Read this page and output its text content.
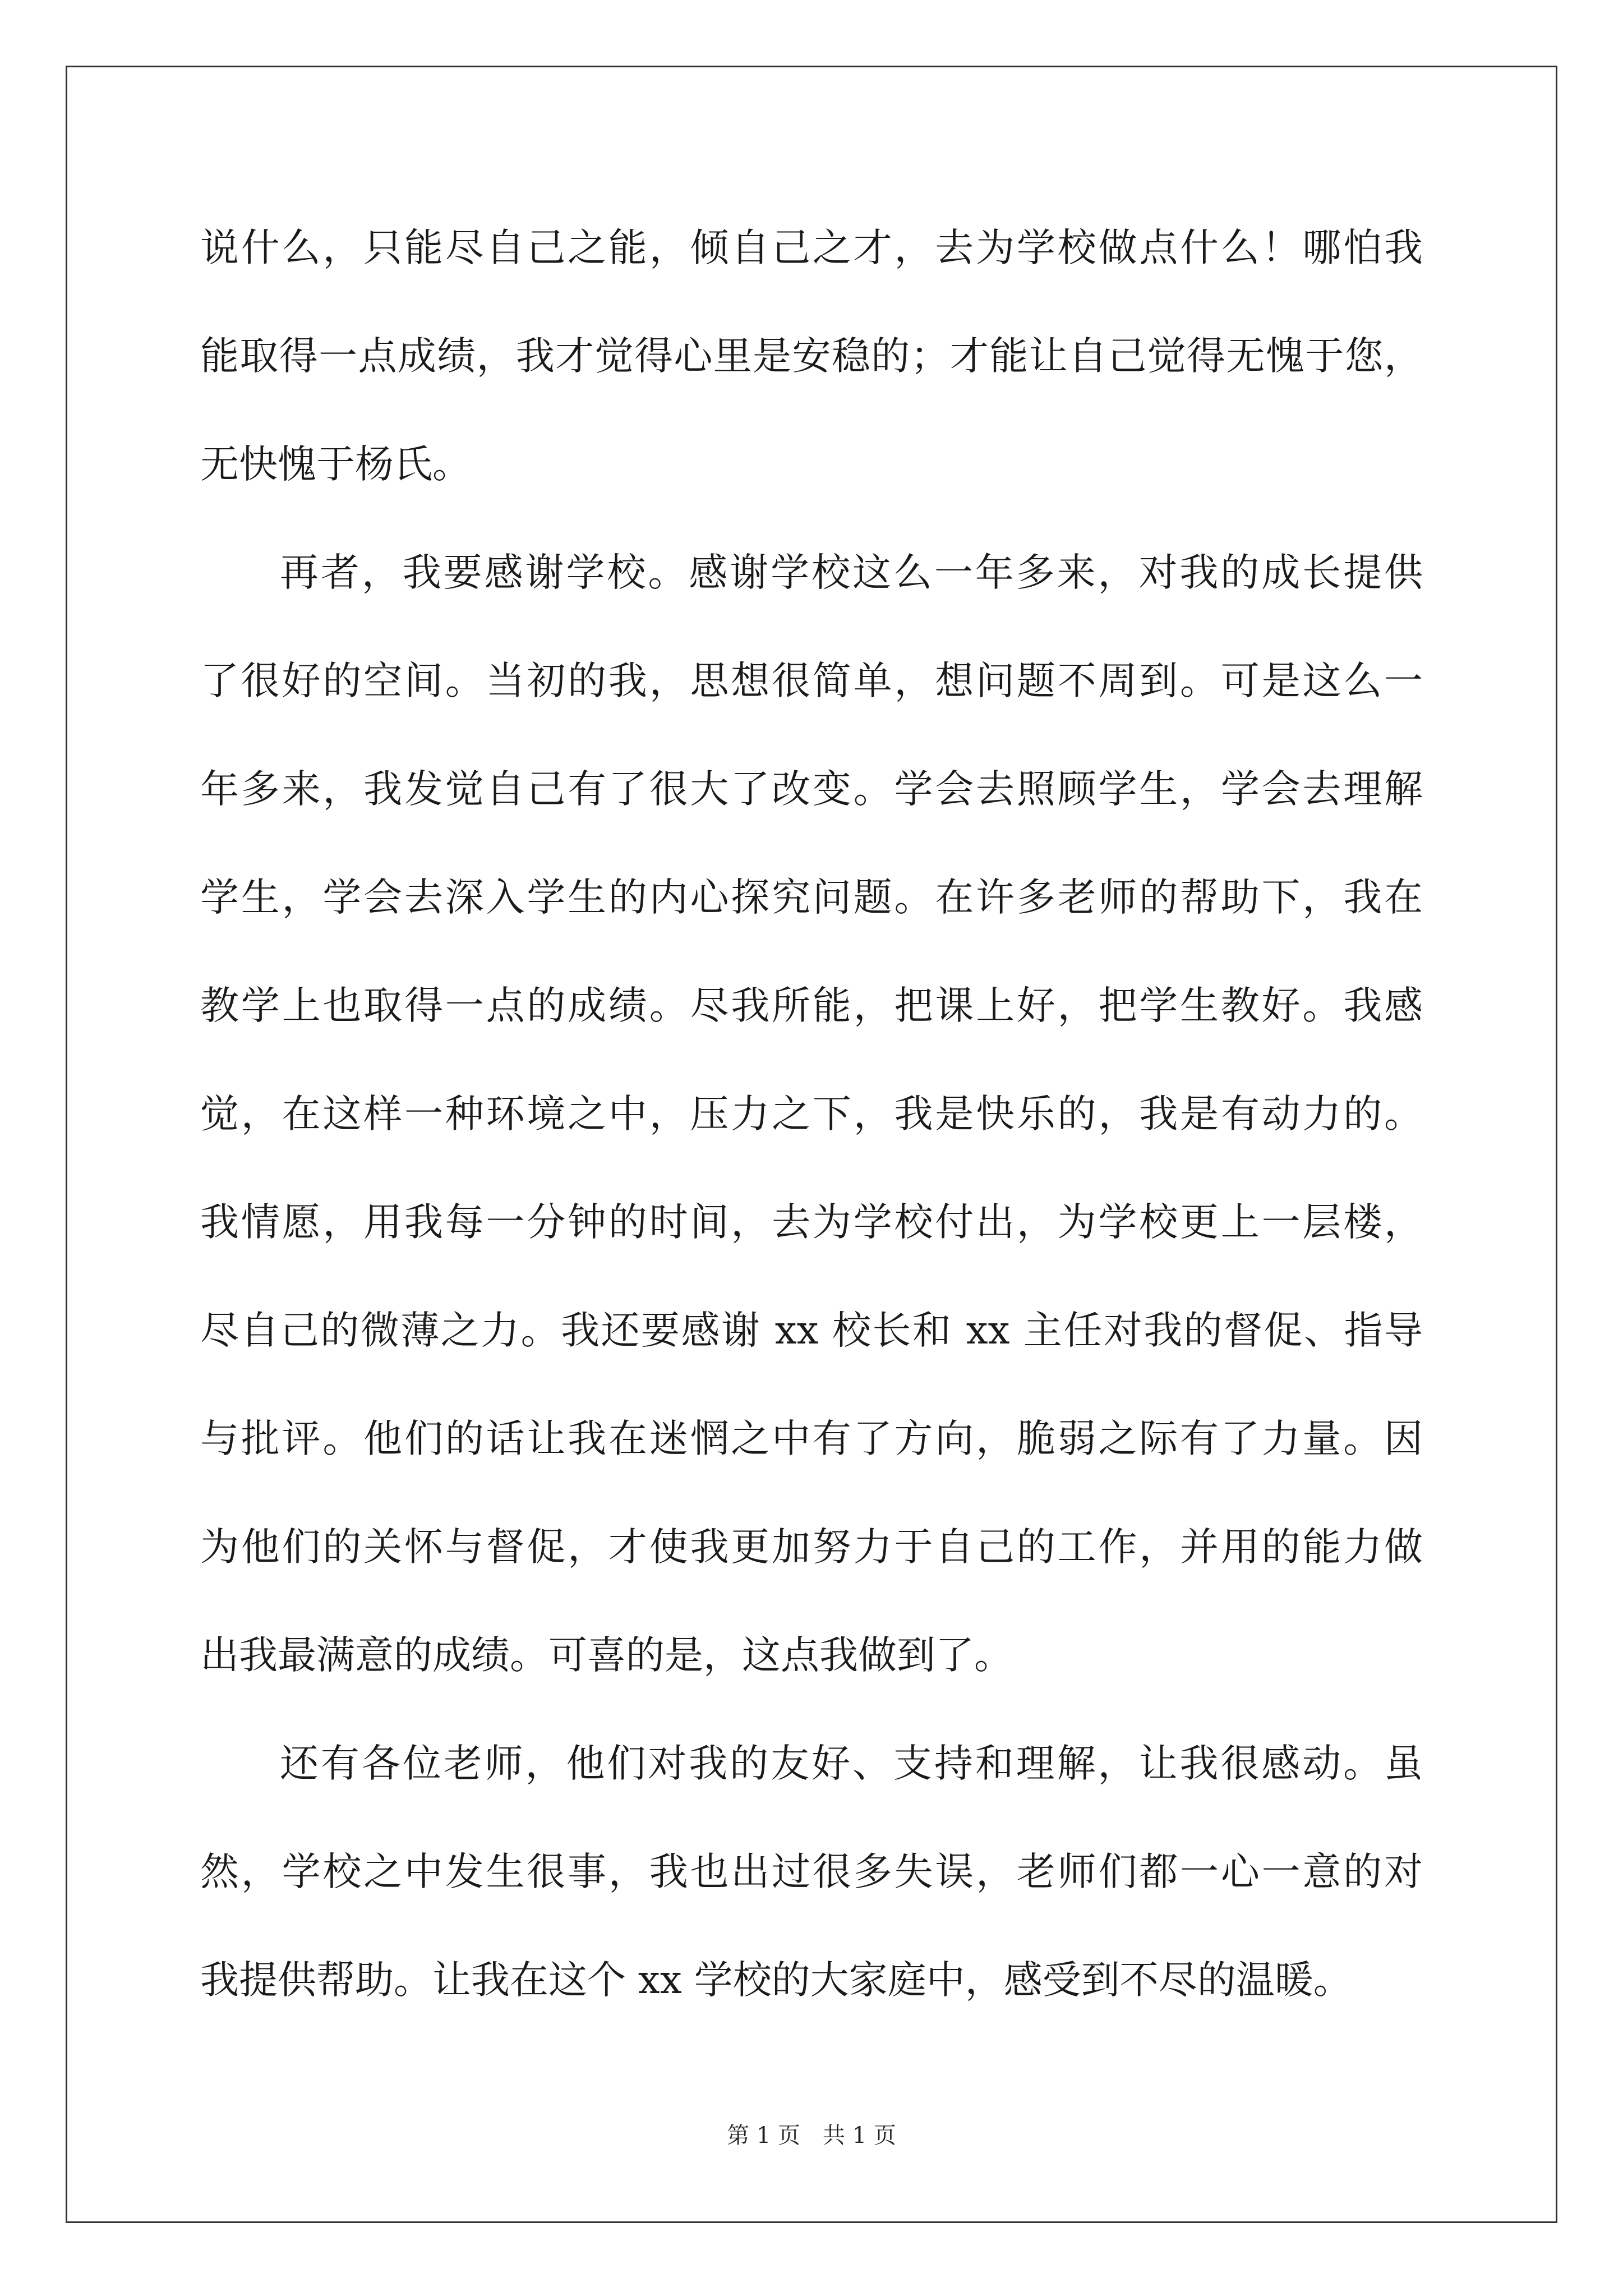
说什么，只能尽自己之能，倾自己之才，去为学校做点什么！哪怕我
能取得一点成绩，我才觉得心里是安稳的；才能让自己觉得无愧于您，
无快愧于杨氏。
再者，我要感谢学校。感谢学校这么一年多来，对我的成长提供
了很好的空间。当初的我，思想很简单，想问题不周到。可是这么一
年多来，我发觉自己有了很大了改变。学会去照顾学生，学会去理解
学生，学会去深入学生的内心探究问题。在许多老师的帮助下，我在
教学上也取得一点的成绩。尽我所能，把课上好，把学生教好。我感
觉，在这样一种环境之中，压力之下，我是快乐的，我是有动力的。
我情愿，用我每一分钟的时间，去为学校付出，为学校更上一层楼，
尽自己的微薄之力。我还要感谢 xx 校长和 xx 主任对我的督促、指导
与批评。他们的话让我在迷惘之中有了方向，脆弱之际有了力量。因
为他们的关怀与督促，才使我更加努力于自己的工作，并用的能力做
出我最满意的成绩。可喜的是，这点我做到了。
还有各位老师，他们对我的友好、支持和理解，让我很感动。虽
然，学校之中发生很事，我也出过很多失误，老师们都一心一意的对
我提供帮助。让我在这个 xx 学校的大家庭中，感受到不尽的温暖。
第 1 页 共 1 页
